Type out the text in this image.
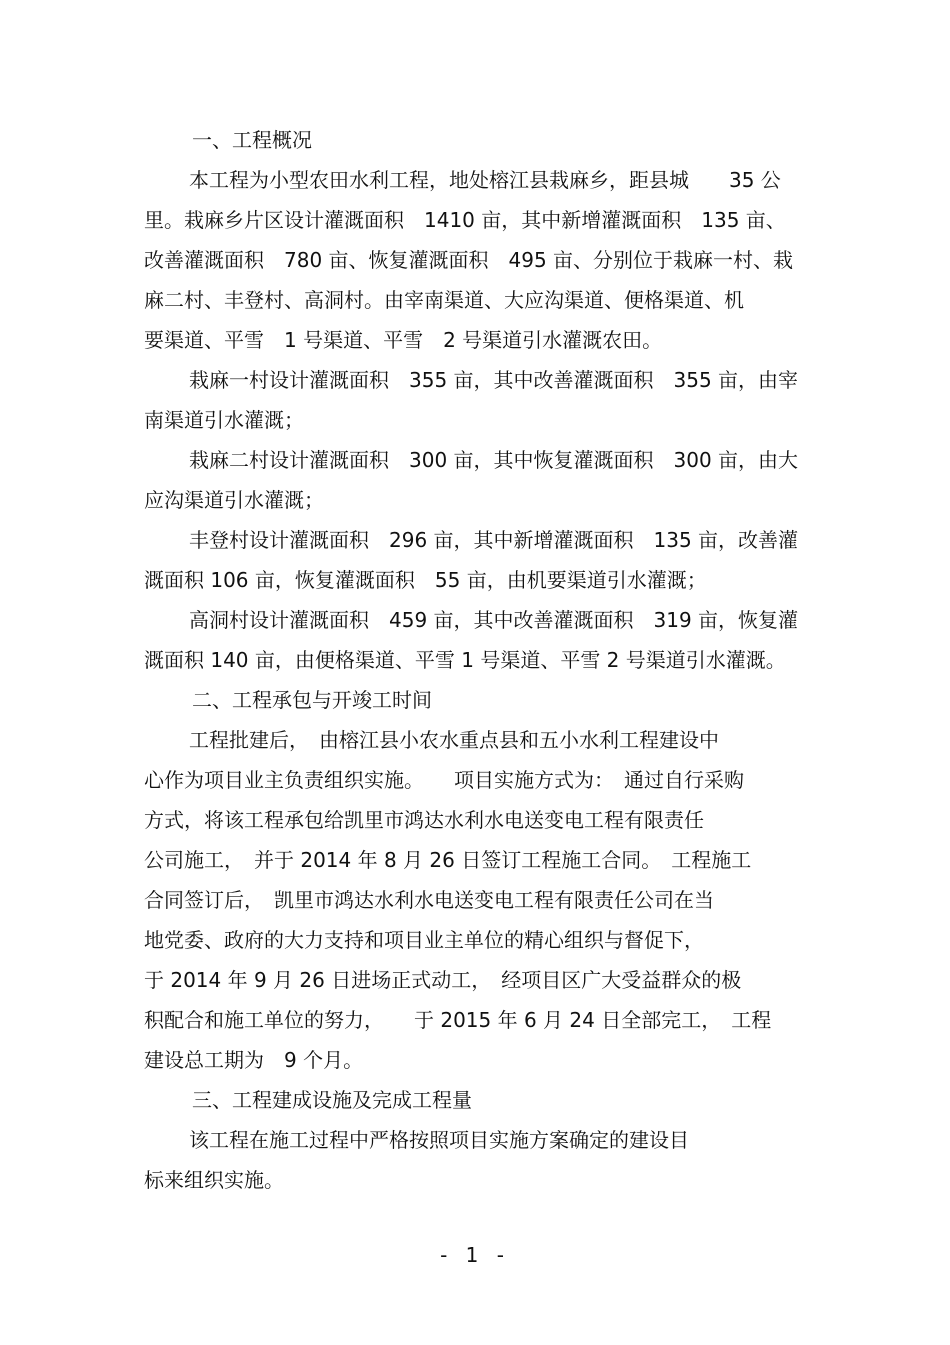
一、工程概况
本工程为小型农田水利工程，地处榕江县栽麻乡，距县城　　35 公
里。栽麻乡片区设计灌溉面积　1410 亩，其中新增灌溉面积　135 亩、
改善灌溉面积　780 亩、恢复灌溉面积　495 亩、分别位于栽麻一村、栽
麻二村、丰登村、高洞村。由宰南渠道、大应沟渠道、便格渠道、机
要渠道、平雪　1 号渠道、平雪　2 号渠道引水灌溉农田。
栽麻一村设计灌溉面积　355 亩，其中改善灌溉面积　355 亩，由宰
南渠道引水灌溉；
栽麻二村设计灌溉面积　300 亩，其中恢复灌溉面积　300 亩，由大
应沟渠道引水灌溉；
丰登村设计灌溉面积　296 亩，其中新增灌溉面积　135 亩，改善灌
溉面积 106 亩，恢复灌溉面积　55 亩，由机要渠道引水灌溉；
高洞村设计灌溉面积　459 亩，其中改善灌溉面积　319 亩，恢复灌
溉面积 140 亩，由便格渠道、平雪 1 号渠道、平雪 2 号渠道引水灌溉。
二、工程承包与开竣工时间
工程批建后，　由榕江县小农水重点县和五小水利工程建设中
心作为项目业主负责组织实施。　　项目实施方式为：　通过自行采购
方式，将该工程承包给凯里市鸿达水利水电送变电工程有限责任
公司施工，　并于 2014 年 8 月 26 日签订工程施工合同。　工程施工
合同签订后，　凯里市鸿达水利水电送变电工程有限责任公司在当
地党委、政府的大力支持和项目业主单位的精心组织与督促下，
于 2014 年 9 月 26 日进场正式动工，　经项目区广大受益群众的极
积配合和施工单位的努力，　　于 2015 年 6 月 24 日全部完工，　工程
建设总工期为　9 个月。
三、工程建成设施及完成工程量
该工程在施工过程中严格按照项目实施方案确定的建设目
标来组织实施。
- 1 -
